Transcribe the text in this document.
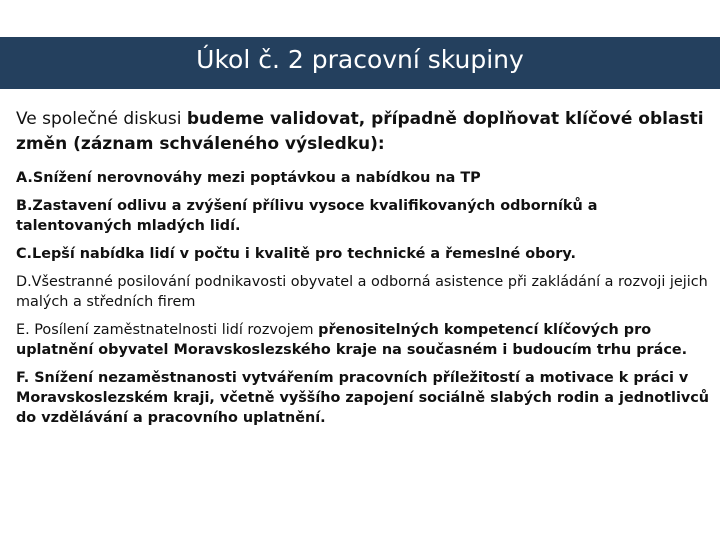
Úkol č. 2 pracovní skupiny

Ve společné diskusi budeme validovat, případně doplňovat klíčové oblasti změn (záznam schváleného výsledku):

A.Snížení nerovnováhy mezi poptávkou a nabídkou na TP

B.Zastavení odlivu a zvýšení přílivu vysoce kvalifikovaných odborníků a talentovaných mladých lidí.

C.Lepší nabídka lidí v počtu i kvalitě pro technické a řemeslné obory.

D.Všestranné posilování podnikavosti obyvatel a odborná asistence při zakládání a rozvoji jejich malých a středních firem

E. Posílení zaměstnatelnosti lidí rozvojem přenositelných kompetencí klíčových pro uplatnění obyvatel Moravskoslezského kraje na současném i budoucím trhu práce.

F. Snížení nezaměstnanosti vytvářením pracovních příležitostí a motivace k práci v Moravskoslezském kraji, včetně vyššího zapojení sociálně slabých rodin a jednotlivců do vzdělávání a pracovního uplatnění.
